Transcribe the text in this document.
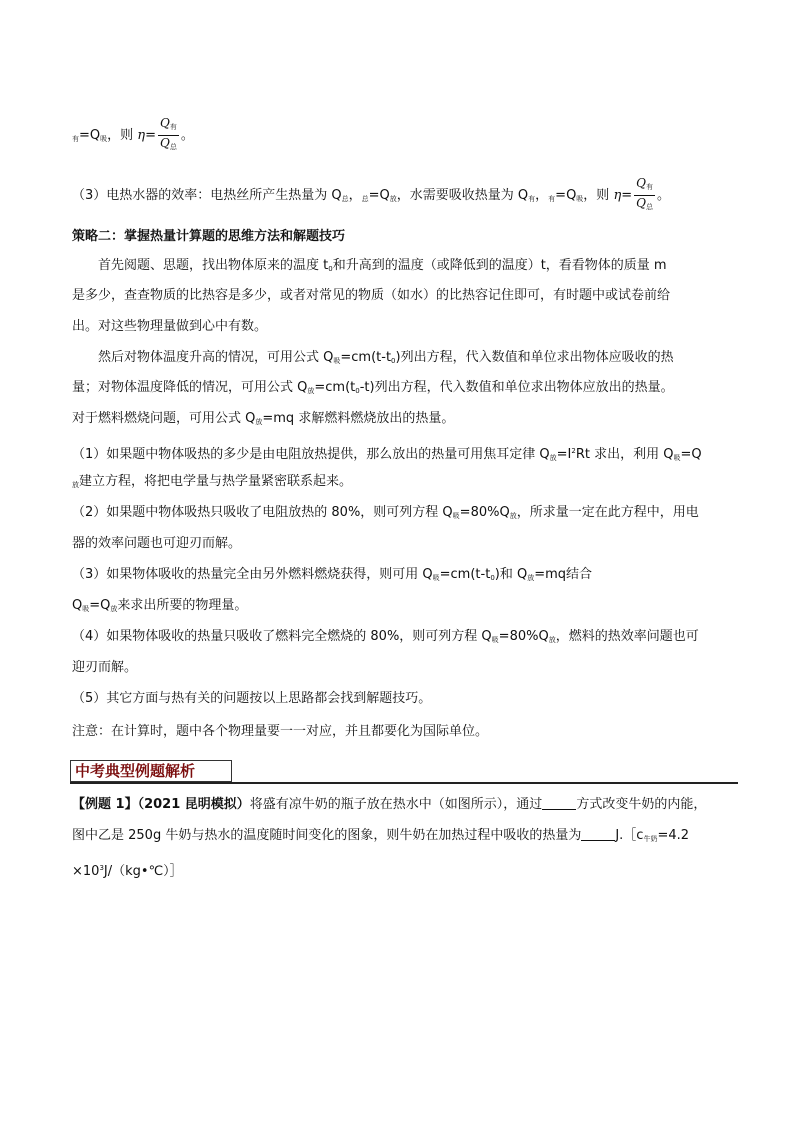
$_有=Q_吸$，则 $\eta= \frac{Q_有}{Q_总}$ 。
（3）电热水器的效率：电热丝所产生热量为 $Q_总$，$_总=Q_放$，水需要吸收热量为 $Q_有$，$_有=Q_吸$，则 $\eta= \frac{Q_有}{Q_总}$ 。
策略二：掌握热量计算题的思维方法和解题技巧
首先阅题、思题，找出物体原来的温度 $t_0$和升高到的温度（或降低到的温度）t，看看物体的质量 m
是多少，查查物质的比热容是多少，或者对常见的物质（如水）的比热容记住即可，有时题中或试卷前给
出。对这些物理量做到心中有数。
然后对物体温度升高的情况，可用公式 $Q_吸=cm(t-t_0)$列出方程，代入数值和单位求出物体应吸收的热
量；对物体温度降低的情况，可用公式 $Q_放=cm(t_0-t)$列出方程，代入数值和单位求出物体应放出的热量。
对于燃料燃烧问题，可用公式 $Q_放=mq$ 求解燃料燃烧放出的热量。
（1）如果题中物体吸热的多少是由电阻放热提供，那么放出的热量可用焦耳定律 $Q_放=I^2Rt$ 求出，利用 $Q_吸=Q$
$_放$建立方程，将把电学量与热学量紧密联系起来。
（2）如果题中物体吸热只吸收了电阻放热的 80%，则可列方程 $Q_吸=80\%Q_放$，所求量一定在此方程中，用电
器的效率问题也可迎刃而解。
（3）如果物体吸收的热量完全由另外燃料燃烧获得，则可用 $Q_吸=cm(t-t_0)$和 $Q_放=mq$结合
$Q_吸=Q_放$来求出所要的物理量。
（4）如果物体吸收的热量只吸收了燃料完全燃烧的 80%，则可列方程 $Q_吸=80\%Q_放$，燃料的热效率问题也可
迎刃而解。
（5）其它方面与热有关的问题按以上思路都会找到解题技巧。
注意：在计算时，题中各个物理量要一一对应，并且都要化为国际单位。
中考典型例题解析
【例题 1】（2021 昆明模拟）将盛有凉牛奶的瓶子放在热水中（如图所示），通过	方式改变牛奶的内能，
图中乙是 250g 牛奶与热水的温度随时间变化的图象，则牛奶在加热过程中吸收的热量为	$J.[c_{牛奶}=4.2$
$\times 10^3J/(kg•℃)]$
